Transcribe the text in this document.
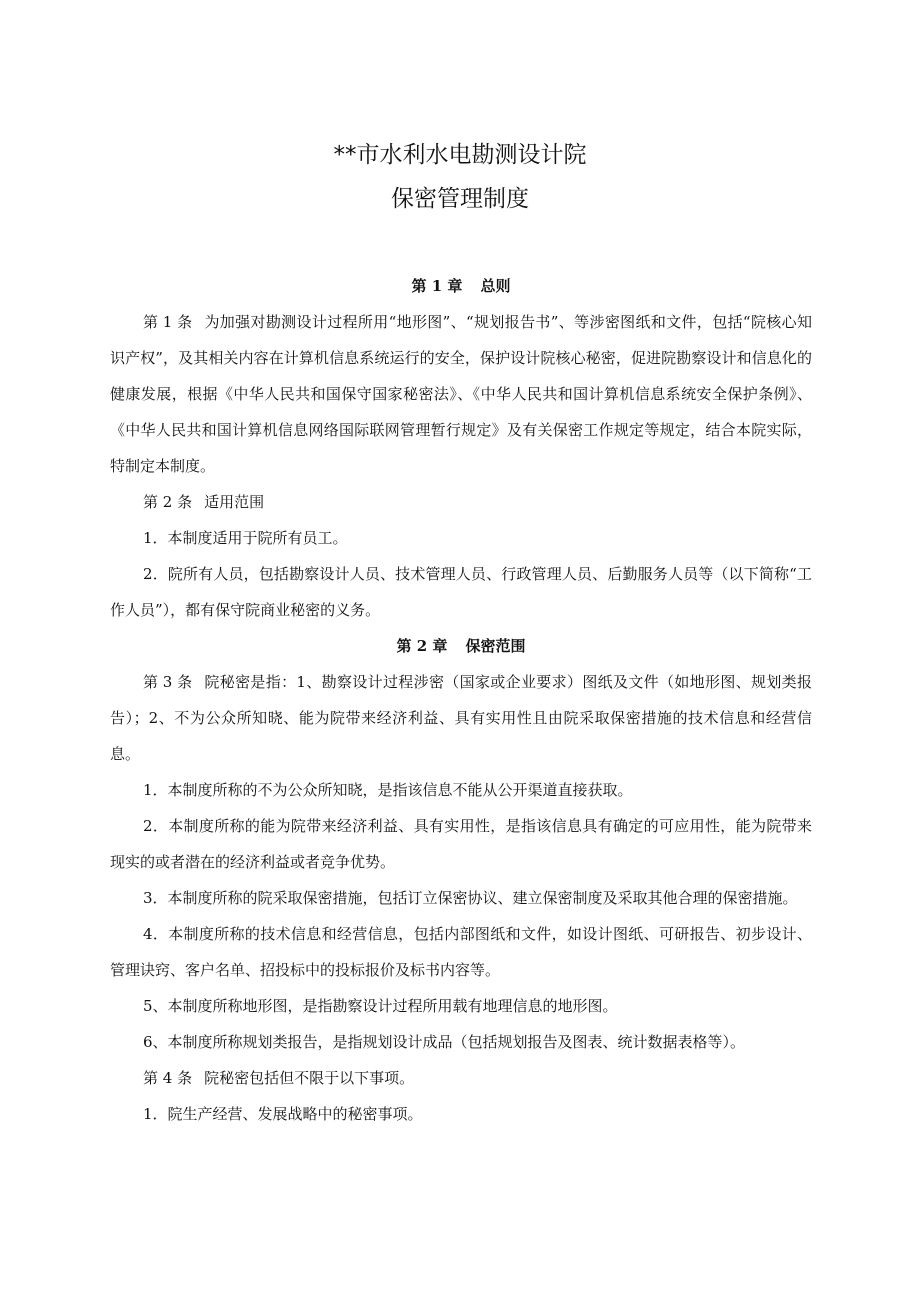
**市水利水电勘测设计院
保密管理制度
第 1 章 总则

第 1 条 为加强对勘测设计过程所用“地形图”、“规划报告书”、等涉密图纸和文件，包括“院核心知识产权”，及其相关内容在计算机信息系统运行的安全，保护设计院核心秘密，促进院勘察设计和信息化的健康发展，根据《中华人民共和国保守国家秘密法》、《中华人民共和国计算机信息系统安全保护条例》、《中华人民共和国计算机信息网络国际联网管理暂行规定》及有关保密工作规定等规定，结合本院实际，特制定本制度。

第 2 条 适用范围

1．本制度适用于院所有员工。

2．院所有人员，包括勘察设计人员、技术管理人员、行政管理人员、后勤服务人员等（以下简称“工作人员”），都有保守院商业秘密的义务。

第 2 章 保密范围

第 3 条 院秘密是指：1、勘察设计过程涉密（国家或企业要求）图纸及文件（如地形图、规划类报告）；2、不为公众所知晓、能为院带来经济利益、具有实用性且由院采取保密措施的技术信息和经营信息。

1．本制度所称的不为公众所知晓，是指该信息不能从公开渠道直接获取。

2．本制度所称的能为院带来经济利益、具有实用性，是指该信息具有确定的可应用性，能为院带来现实的或者潜在的经济利益或者竞争优势。

3．本制度所称的院采取保密措施，包括订立保密协议、建立保密制度及采取其他合理的保密措施。

4．本制度所称的技术信息和经营信息，包括内部图纸和文件，如设计图纸、可研报告、初步设计、管理诀窍、客户名单、招投标中的投标报价及标书内容等。

5、本制度所称地形图，是指勘察设计过程所用载有地理信息的地形图。

6、本制度所称规划类报告，是指规划设计成品（包括规划报告及图表、统计数据表格等）。

第 4 条 院秘密包括但不限于以下事项。

1．院生产经营、发展战略中的秘密事项。
